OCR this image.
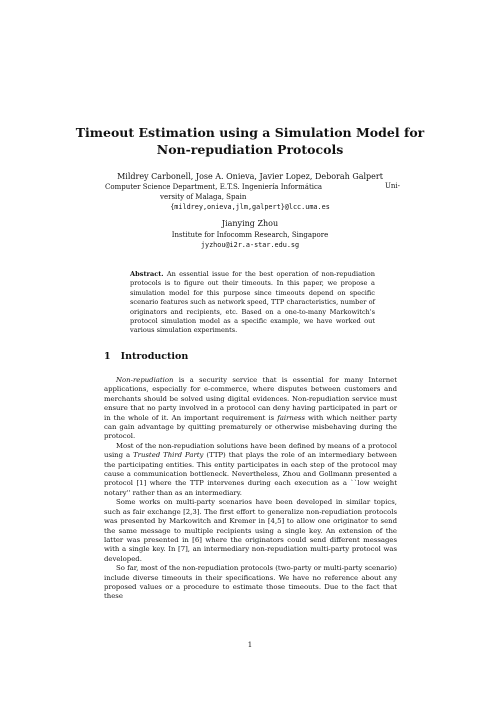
Timeout Estimation using a Simulation Model for
Non-repudiation Protocols
Mildrey Carbonell, Jose A. Onieva, Javier Lopez, Deborah Galpert
Computer Science Department, E.T.S. Ingeniería Informática	Uni-
versity of Malaga, Spain
{mildrey,onieva,jlm,galpert}@lcc.uma.es
Jianying Zhou
Institute for Infocomm Research, Singapore
jyzhou@i2r.a-star.edu.sg
Abstract. An essential issue for the best operation of non-repudiation protocols is to figure out their timeouts. In this paper, we propose a simulation model for this purpose since timeouts depend on specific scenario features such as network speed, TTP characteristics, number of originators and recipients, etc. Based on a one-to-many Markowitch's protocol simulation model as a specific example, we have worked out various simulation experiments.
1 Introduction

Non-repudiation is a security service that is essential for many Internet applications, especially for e-commerce, where disputes between customers and merchants should be solved using digital evidences. Non-repudiation service must ensure that no party involved in a protocol can deny having participated in part or in the whole of it. An important requirement is fairness with which neither party can gain advantage by quitting prematurely or otherwise misbehaving during the protocol.

Most of the non-repudiation solutions have been defined by means of a protocol using a Trusted Third Party (TTP) that plays the role of an intermediary between the participating entities. This entity participates in each step of the protocol may cause a communication bottleneck. Nevertheless, Zhou and Gollmann presented a protocol [1] where the TTP intervenes during each execution as a ``low weight notary'' rather than as an intermediary.

Some works on multi-party scenarios have been developed in similar topics, such as fair exchange [2,3]. The first effort to generalize non-repudiation protocols was presented by Markowitch and Kremer in [4,5] to allow one originator to send the same message to multiple recipients using a single key. An extension of the latter was presented in [6] where the originators could send different messages with a single key. In [7], an intermediary non-repudiation multi-party protocol was developed.

So far, most of the non-repudiation protocols (two-party or multi-party scenario) include diverse timeouts in their specifications. We have no reference about any proposed values or a procedure to estimate those timeouts. Due to the fact that these

1
